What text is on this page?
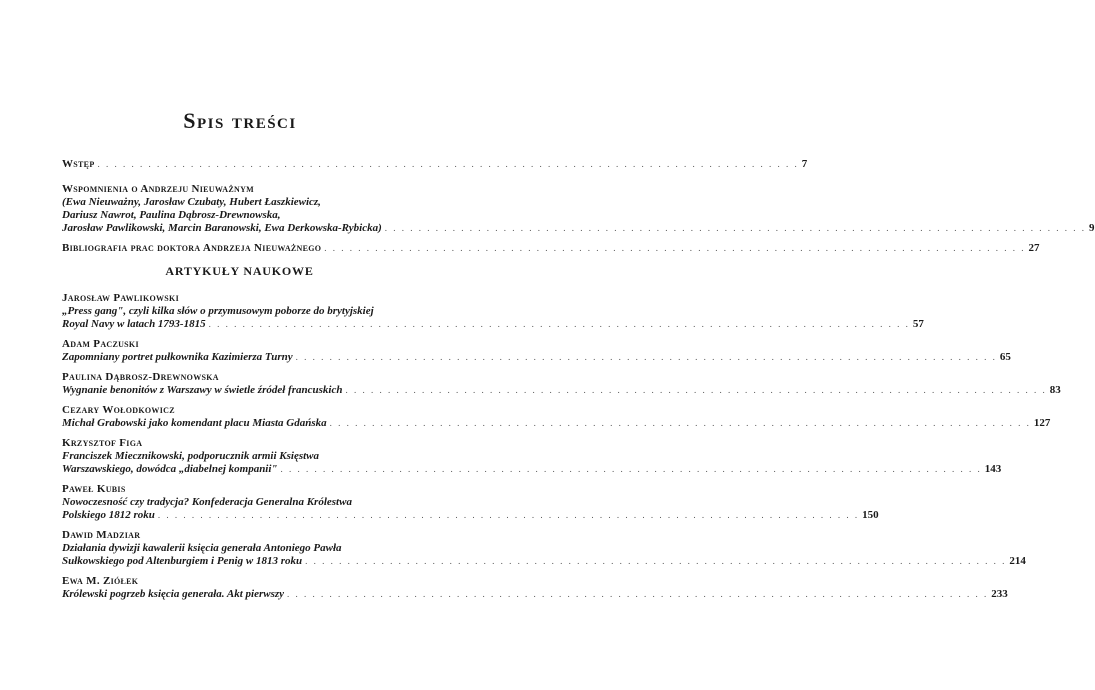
Spis treści
Wstęp . . .	7
Wspomnienia o Andrzeju Nieuważnym
(Ewa Nieuważny, Jarosław Czubaty, Hubert Łaszkiewicz,
Dariusz Nawrot, Paulina Dąbrosz-Drewnowska,
Jarosław Pawlikowski, Marcin Baranowski, Ewa Derkowska-Rybicka) . . .	9
Bibliografia prac doktora Andrzeja Nieuważnego . . .	27
ARTYKUŁY NAUKOWE
Jarosław Pawlikowski
„Press gang", czyli kilka słów o przymusowym poborze do brytyjskiej
Royal Navy w latach 1793-1815 . . .	57
Adam Paczuski
Zapomniany portret pułkownika Kazimierza Turny . . .	65
Paulina Dąbrosz-Drewnowska
Wygnanie benonitów z Warszawy w świetle źródeł francuskich . . .	83
Cezary Wołodkowicz
Michał Grabowski jako komendant placu Miasta Gdańska . . .	127
Krzysztof Figa
Franciszek Miecznikowski, podporucznik armii Księstwa
Warszawskiego, dowódca „diabelnej kompanii" . . .	143
Paweł Kubis
Nowoczesność czy tradycja? Konfederacja Generalna Królestwa
Polskiego 1812 roku . . .	150
Dawid Madziar
Działania dywizji kawalerii księcia generała Antoniego Pawła
Sułkowskiego pod Altenburgiem i Penig w 1813 roku . . .	214
Ewa M. Ziółek
Królewski pogrzeb księcia generała. Akt pierwszy . . .	233
